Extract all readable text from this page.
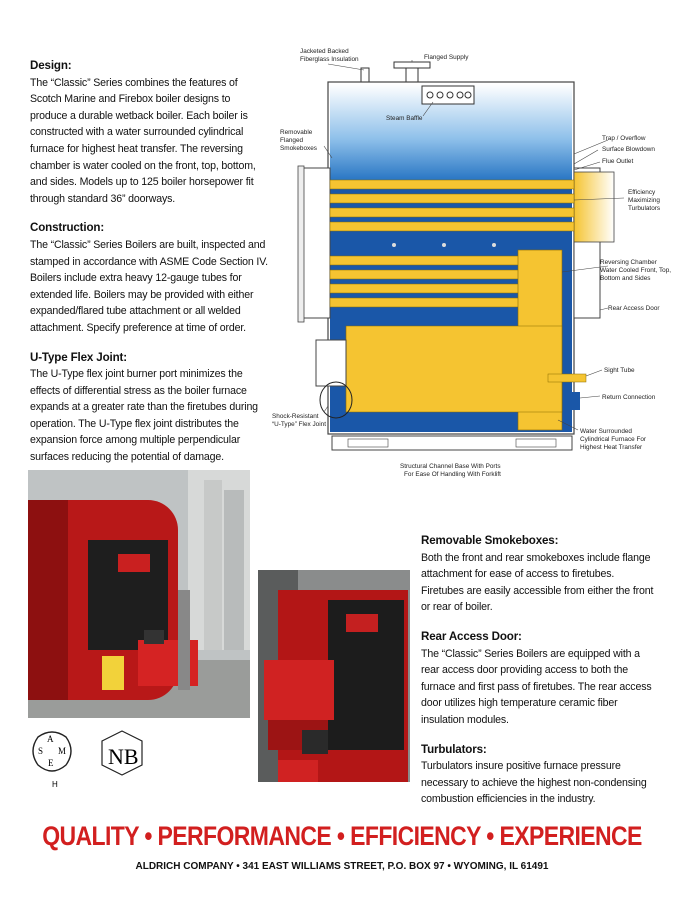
Design:

The “Classic” Series combines the features of Scotch Marine and Firebox boiler designs to produce a durable wetback boiler. Each boiler is constructed with a water surrounded cylindrical furnace for highest heat transfer. The reversing chamber is water cooled on the front, top, bottom, and sides. Models up to 125 boiler horsepower fit through standard 36” doorways.

Construction:

The “Classic” Series Boilers are built, inspected and stamped in accordance with ASME Code Section IV. Boilers include extra heavy 12-gauge tubes for extended life. Boilers may be provided with either expanded/flared tube attachment or all welded attachment. Specify preference at time of order.

U-Type Flex Joint:

The U-Type flex joint burner port minimizes the effects of differential stress as the boiler furnace expands at a greater rate than the firetubes during operation. The U-Type flex joint distributes the expansion force among multiple perpendicular surfaces reducing the potential of damage.

Jacketed Backed
Fiberglass Insulation	Flanged Supply
Steam Baffle
Removable
Flanged
Smokeboxes
Trap / Overflow
Surface Blowdown
Flue Outlet
Efficiency
Maximizing
Turbulators
Reversing Chamber
Water Cooled Front, Top,
Bottom and Sides
Rear Access Door
Sight Tube
Return Connection
Shock-Resistant
“U-Type” Flex Joint
Water Surrounded
Cylindrical Furnace For
Highest Heat Transfer
Structural Channel Base With Ports
For Ease Of Handling With Forklift

Removable Smokeboxes:

Both the front and rear smokeboxes include flange attachment for ease of access to firetubes. Firetubes are easily accessible from either the front or rear of boiler.

Rear Access Door:

The “Classic” Series Boilers are equipped with a rear access door providing access to both the furnace and first pass of firetubes. The rear access door utilizes high temperature ceramic fiber insulation modules.

Turbulators:

Turbulators insure positive furnace pressure necessary to achieve the highest non-condensing combustion efficiencies in the industry.

A
S M
E
H
NB
QUALITY • PERFORMANCE • EFFICIENCY • EXPERIENCE
ALDRICH COMPANY • 341 EAST WILLIAMS STREET, P.O. BOX 97 • WYOMING, IL 61491
